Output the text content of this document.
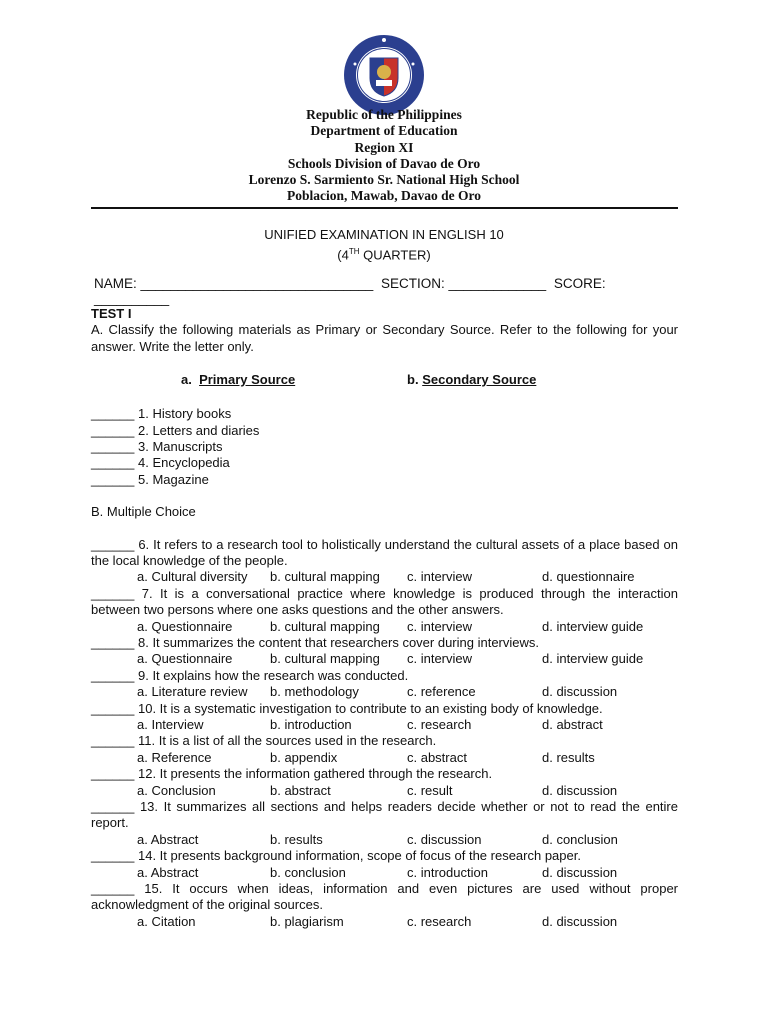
Republic of the Philippines
Department of Education
Region XI
Schools Division of Davao de Oro
Lorenzo S. Sarmiento Sr. National High School
Poblacion, Mawab, Davao de Oro
UNIFIED EXAMINATION IN ENGLISH 10
(4TH QUARTER)
NAME: _______________________________ SECTION: _____________ SCORE: __________

TEST I

A. Classify the following materials as Primary or Secondary Source. Refer to the following for your answer. Write the letter only.

a. Primary Source	b. Secondary Source
______ 1. History books
______ 2. Letters and diaries
______ 3. Manuscripts
______ 4. Encyclopedia
______ 5. Magazine
B. Multiple Choice
______ 6. It refers to a research tool to holistically understand the cultural assets of a place based on the local knowledge of the people.
a. Cultural diversity b. cultural mapping c. interview	d. questionnaire
______ 7. It is a conversational practice where knowledge is produced through the interaction between two persons where one asks questions and the other answers.
a. Questionnaire	b. cultural mapping c. interview	d. interview guide
______ 8. It summarizes the content that researchers cover during interviews.
a. Questionnaire	b. cultural mapping c. interview	d. interview guide
______ 9. It explains how the research was conducted.
a. Literature review b. methodology	c. reference	d. discussion
______ 10. It is a systematic investigation to contribute to an existing body of knowledge.
a. Interview	b. introduction	c. research	d. abstract
______ 11. It is a list of all the sources used in the research.
a. Reference	b. appendix	c. abstract	d. results
______ 12. It presents the information gathered through the research.
a. Conclusion	b. abstract	c. result	d. discussion
______ 13. It summarizes all sections and helps readers decide whether or not to read the entire report.
a. Abstract	b. results	c. discussion	d. conclusion
______ 14. It presents background information, scope of focus of the research paper.
a. Abstract	b. conclusion	c. introduction	d. discussion
______ 15. It occurs when ideas, information and even pictures are used without proper acknowledgment of the original sources.
a. Citation	b. plagiarism	c. research	d. discussion
